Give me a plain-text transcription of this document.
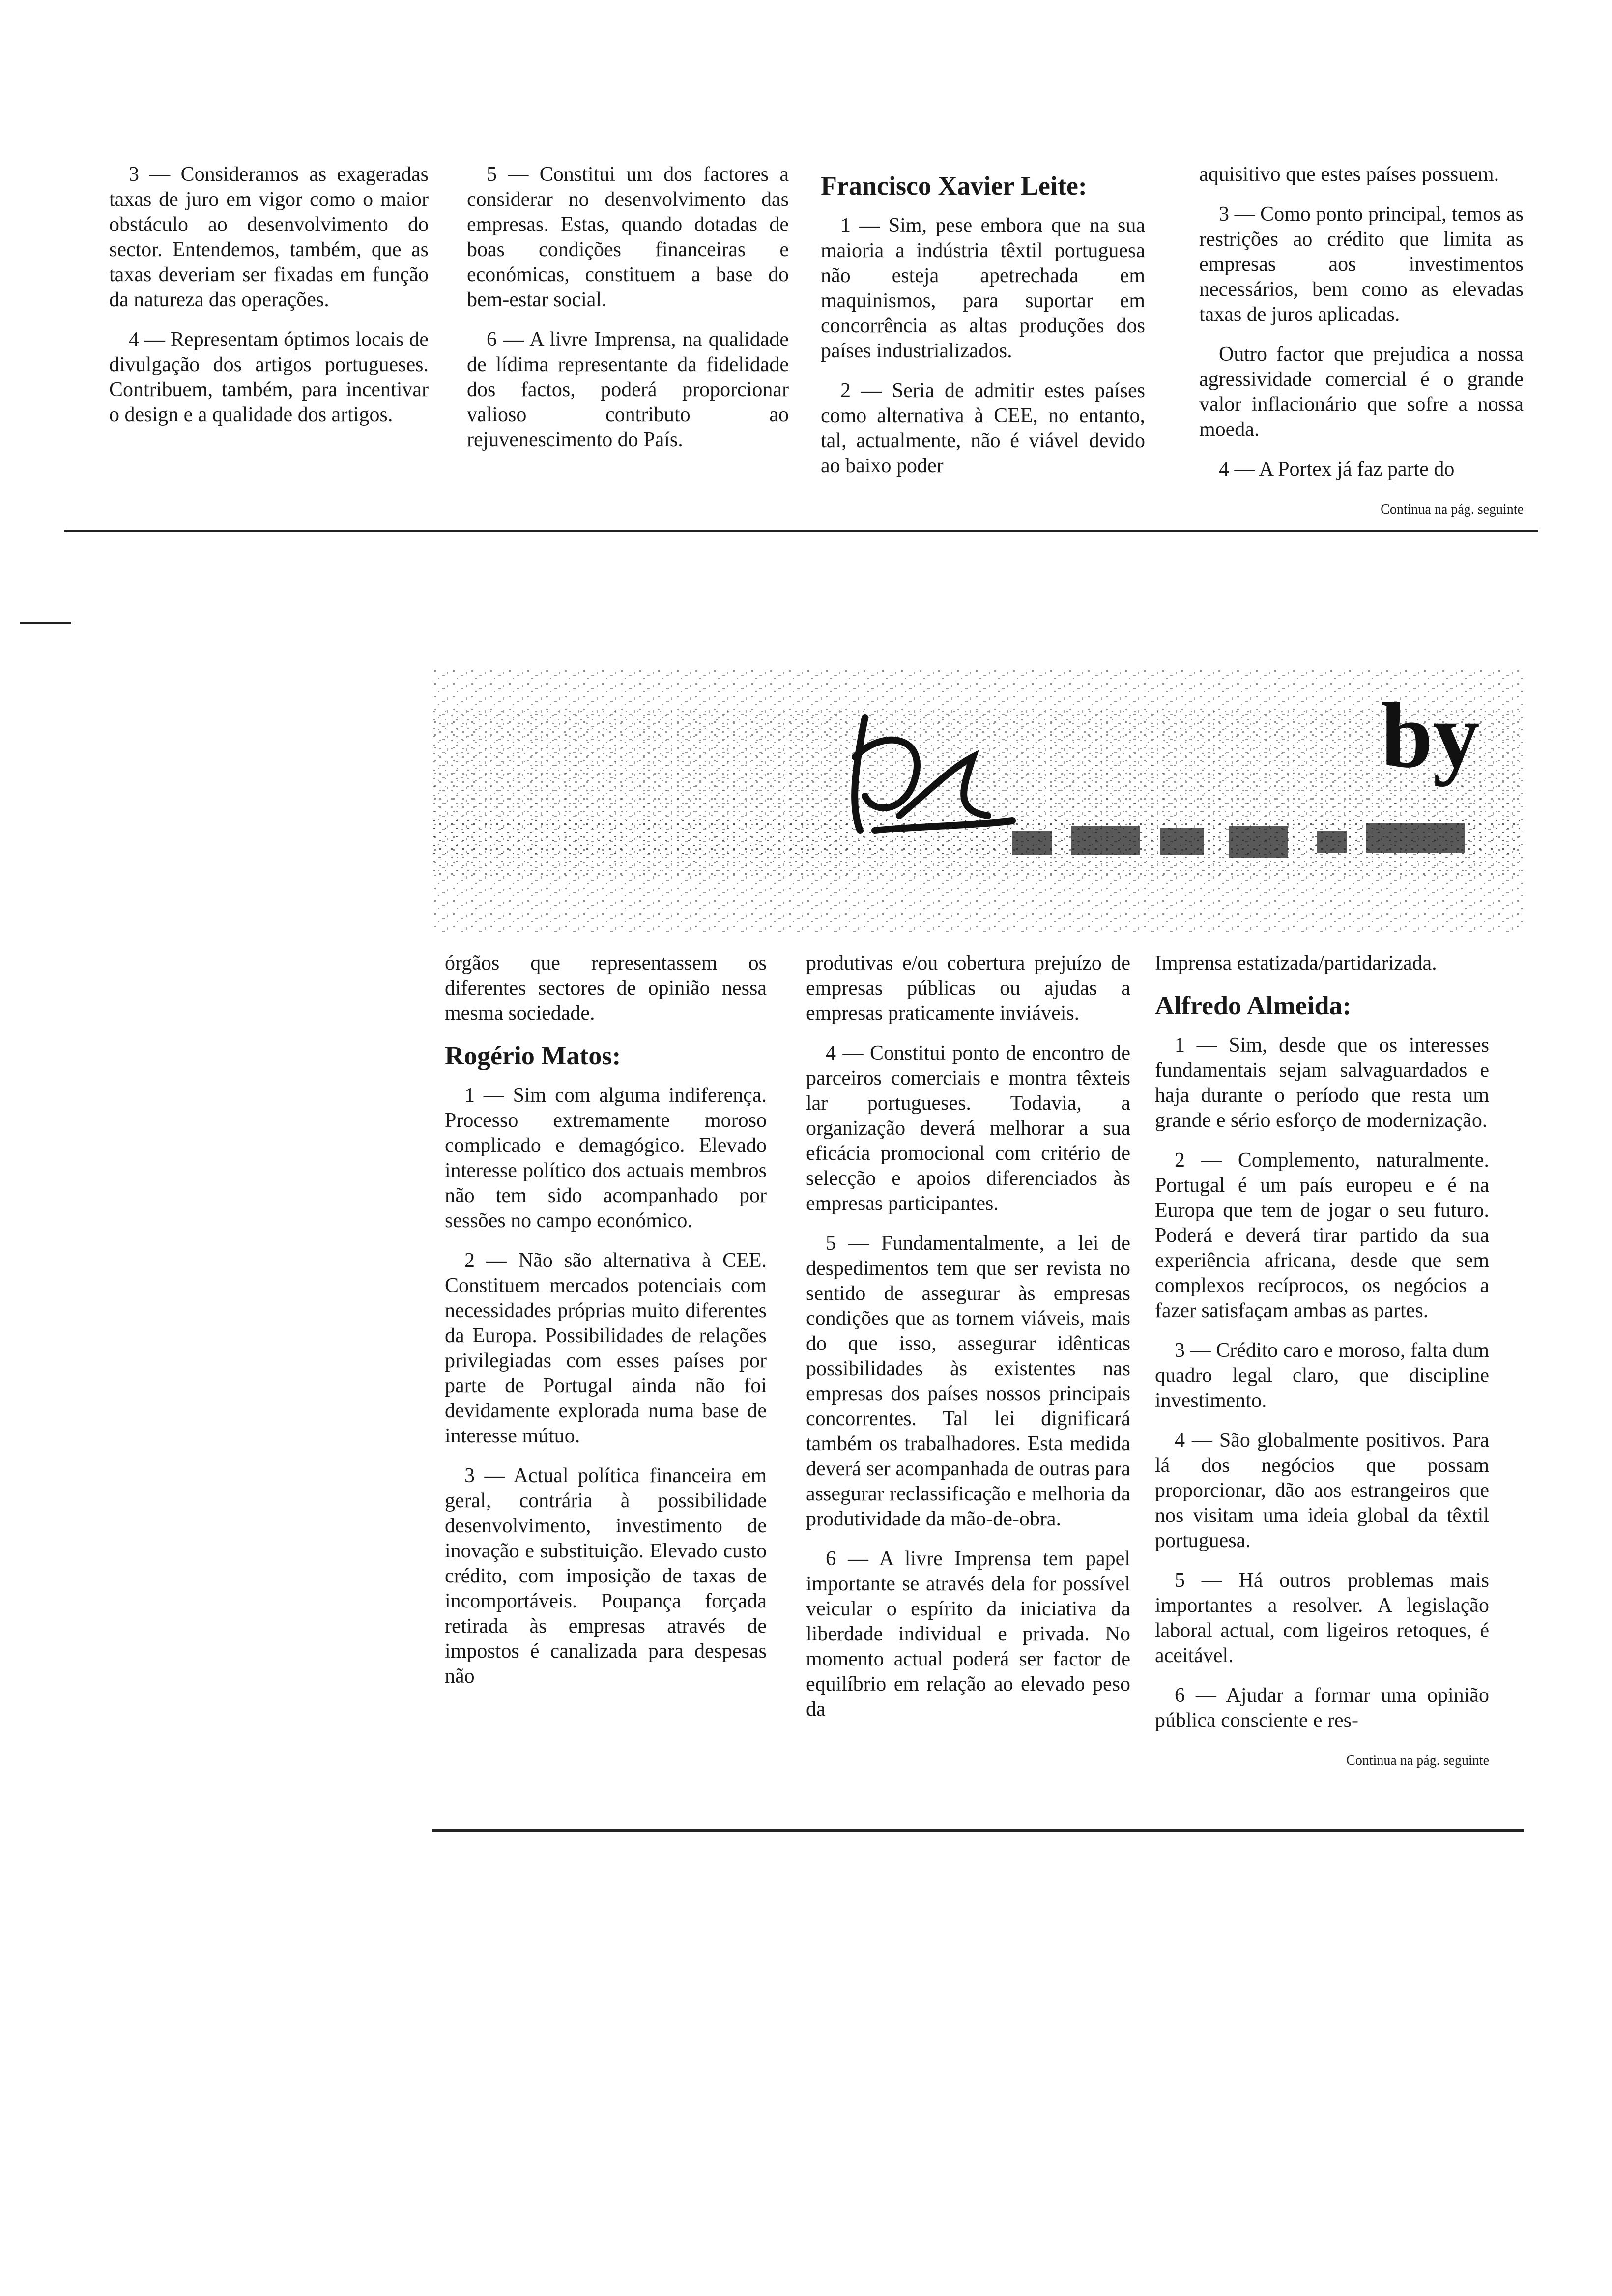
3 — Consideramos as exageradas taxas de juro em vigor como o maior obstáculo ao desenvolvimento do sector. Entendemos, também, que as taxas deveriam ser fixadas em função da natureza das operações.

4 — Representam óptimos locais de divulgação dos artigos portugueses. Contribuem, também, para incentivar o design e a qualidade dos artigos.

5 — Constitui um dos factores a considerar no desenvolvimento das empresas. Estas, quando dotadas de boas condições financeiras e económicas, constituem a base do bem-estar social.

6 — A livre Imprensa, na qualidade de lídima representante da fidelidade dos factos, poderá proporcionar valioso contributo ao rejuvenescimento do País.

Francisco Xavier Leite:

1 — Sim, pese embora que na sua maioria a indústria têxtil portuguesa não esteja apetrechada em maquinismos, para suportar em concorrência as altas produções dos países industrializados.

2 — Seria de admitir estes países como alternativa à CEE, no entanto, tal, actualmente, não é viável devido ao baixo poder

aquisitivo que estes países possuem.

3 — Como ponto principal, temos as restrições ao crédito que limita as empresas aos investimentos necessários, bem como as elevadas taxas de juros aplicadas.

Outro factor que prejudica a nossa agressividade comercial é o grande valor inflacionário que sofre a nossa moeda.

4 — A Portex já faz parte do

Continua na pág. seguinte

by

órgãos que representassem os diferentes sectores de opinião nessa mesma sociedade.

Rogério Matos:

1 — Sim com alguma indiferença. Processo extremamente moroso complicado e demagógico. Elevado interesse político dos actuais membros não tem sido acompanhado por sessões no campo económico.

2 — Não são alternativa à CEE. Constituem mercados potenciais com necessidades próprias muito diferentes da Europa. Possibilidades de relações privilegiadas com esses países por parte de Portugal ainda não foi devidamente explorada numa base de interesse mútuo.

3 — Actual política financeira em geral, contrária à possibilidade desenvolvimento, investimento de inovação e substituição. Elevado custo crédito, com imposição de taxas de incomportáveis. Poupança forçada retirada às empresas através de impostos é canalizada para despesas não

produtivas e/ou cobertura prejuízo de empresas públicas ou ajudas a empresas praticamente inviáveis.

4 — Constitui ponto de encontro de parceiros comerciais e montra têxteis lar portugueses. Todavia, a organização deverá melhorar a sua eficácia promocional com critério de selecção e apoios diferenciados às empresas participantes.

5 — Fundamentalmente, a lei de despedimentos tem que ser revista no sentido de assegurar às empresas condições que as tornem viáveis, mais do que isso, assegurar idênticas possibilidades às existentes nas empresas dos países nossos principais concorrentes. Tal lei dignificará também os trabalhadores. Esta medida deverá ser acompanhada de outras para assegurar reclassificação e melhoria da produtividade da mão-de-obra.

6 — A livre Imprensa tem papel importante se através dela for possível veicular o espírito da iniciativa da liberdade individual e privada. No momento actual poderá ser factor de equilíbrio em relação ao elevado peso da

Imprensa estatizada/partidarizada.

Alfredo Almeida:

1 — Sim, desde que os interesses fundamentais sejam salvaguardados e haja durante o período que resta um grande e sério esforço de modernização.

2 — Complemento, naturalmente. Portugal é um país europeu e é na Europa que tem de jogar o seu futuro. Poderá e deverá tirar partido da sua experiência africana, desde que sem complexos recíprocos, os negócios a fazer satisfaçam ambas as partes.

3 — Crédito caro e moroso, falta dum quadro legal claro, que discipline investimento.

4 — São globalmente positivos. Para lá dos negócios que possam proporcionar, dão aos estrangeiros que nos visitam uma ideia global da têxtil portuguesa.

5 — Há outros problemas mais importantes a resolver. A legislação laboral actual, com ligeiros retoques, é aceitável.

6 — Ajudar a formar uma opinião pública consciente e res-

Continua na pág. seguinte
